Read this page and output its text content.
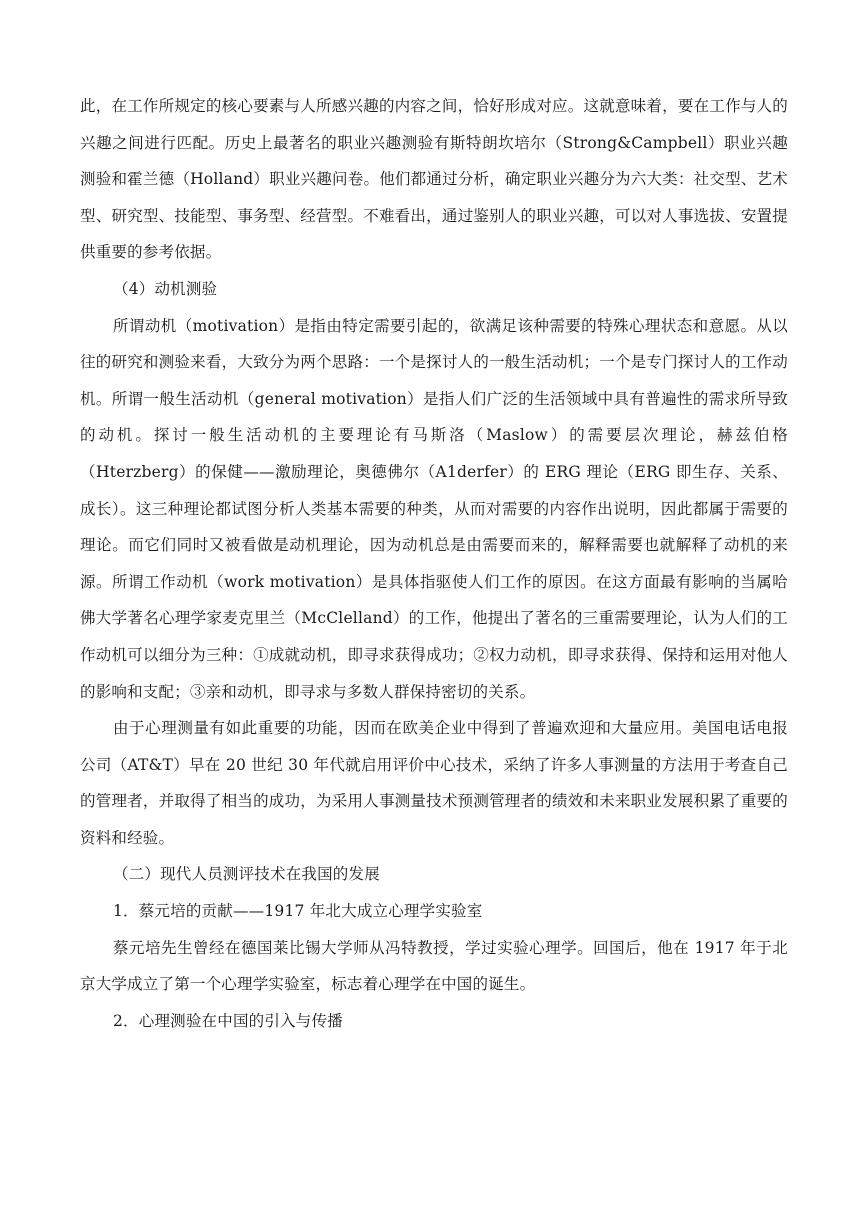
此，在工作所规定的核心要素与人所感兴趣的内容之间，恰好形成对应。这就意味着，要在工作与人的兴趣之间进行匹配。历史上最著名的职业兴趣测验有斯特朗坎培尔（Strong&Campbell）职业兴趣测验和霍兰德（Holland）职业兴趣问卷。他们都通过分析，确定职业兴趣分为六大类：社交型、艺术型、研究型、技能型、事务型、经营型。不难看出，通过鉴别人的职业兴趣，可以对人事选拔、安置提供重要的参考依据。

（4）动机测验

所谓动机（motivation）是指由特定需要引起的，欲满足该种需要的特殊心理状态和意愿。从以往的研究和测验来看，大致分为两个思路：一个是探讨人的一般生活动机；一个是专门探讨人的工作动机。所谓一般生活动机（general motivation）是指人们广泛的生活领域中具有普遍性的需求所导致的动机。探讨一般生活动机的主要理论有马斯洛（Maslow）的需要层次理论，赫兹伯格（Hterzberg）的保健——激励理论，奥德佛尔（A1derfer）的 ERG 理论（ERG 即生存、关系、成长）。这三种理论都试图分析人类基本需要的种类，从而对需要的内容作出说明，因此都属于需要的理论。而它们同时又被看做是动机理论，因为动机总是由需要而来的，解释需要也就解释了动机的来源。所谓工作动机（work motivation）是具体指驱使人们工作的原因。在这方面最有影响的当属哈佛大学著名心理学家麦克里兰（McClelland）的工作，他提出了著名的三重需要理论，认为人们的工作动机可以细分为三种：①成就动机，即寻求获得成功；②权力动机，即寻求获得、保持和运用对他人的影响和支配；③亲和动机，即寻求与多数人群保持密切的关系。

由于心理测量有如此重要的功能，因而在欧美企业中得到了普遍欢迎和大量应用。美国电话电报公司（AT&T）早在 20 世纪 30 年代就启用评价中心技术，采纳了许多人事测量的方法用于考查自己的管理者，并取得了相当的成功，为采用人事测量技术预测管理者的绩效和未来职业发展积累了重要的资料和经验。

（二）现代人员测评技术在我国的发展

1．蔡元培的贡献——1917 年北大成立心理学实验室

蔡元培先生曾经在德国莱比锡大学师从冯特教授，学过实验心理学。回国后，他在 1917 年于北京大学成立了第一个心理学实验室，标志着心理学在中国的诞生。

2．心理测验在中国的引入与传播
